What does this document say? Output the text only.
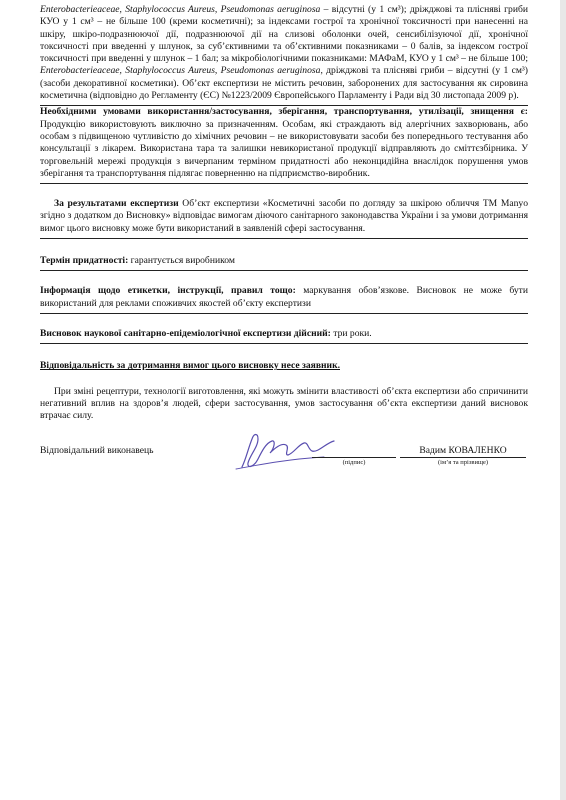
Enterobacterieaceae, Staphylococcus Aureus, Pseudomonas aeruginosa – відсутні (у 1 см³); дріжджові та плісняві гриби КУО у 1 см³ – не більше 100 (креми косметичні); за індексами гострої та хронічної токсичності при нанесенні на шкіру, шкіро-подразнюючої дії, подразнюючої дії на слизові оболонки очей, сенсибілізуючої дії, хронічної токсичності при введенні у шлунок, за суб’єктивними та об’єктивними показниками – 0 балів, за індексом гострої токсичності при введенні у шлунок – 1 бал; за мікробіологічними показниками: МАФаМ, КУО у 1 см³ – не більше 100; Enterobacterieaceae, Staphylococcus Aureus, Pseudomonas aeruginosa, дріжджові та плісняві гриби – відсутні (у 1 см³) (засоби декоративної косметики). Об’єкт експертизи не містить речовин, заборонених для застосування як сировина косметична (відповідно до Регламенту (ЄС) №1223/2009 Європейського Парламенту і Ради від 30 листопада 2009 р).

Необхідними умовами використання/застосування, зберігання, транспортування, утилізації, знищення є: Продукцію використовують виключно за призначенням. Особам, які страждають від алергічних захворювань, або особам з підвищеною чутливістю до хімічних речовин – не використовувати засоби без попереднього тестування або консультації з лікарем. Використана тара та залишки невикористаної продукції відправляють до сміттєзбірника. У торговельній мережі продукція з вичерпаним терміном придатності або неконцидійна внаслідок порушення умов зберігання та транспортування підлягає поверненню на підприємство-виробник.

За результатами експертизи Об’єкт експертизи «Косметичні засоби по догляду за шкірою обличчя ТМ Manyo згідно з додатком до Висновку» відповідає вимогам діючого санітарного законодавства України і за умови дотримання вимог цього висновку може бути використаний в заявленій сфері застосування.

Термін придатності: гарантується виробником

Інформація щодо етикетки, інструкції, правил тощо: маркування обов’язкове. Висновок не може бути використаний для реклами споживчих якостей об’єкту експертизи

Висновок наукової санітарно-епідеміологічної експертизи дійсний: три роки.

Відповідальність за дотримання вимог цього висновку несе заявник.

При зміні рецептури, технології виготовлення, які можуть змінити властивості об’єкта експертизи або спричинити негативний вплив на здоров’я людей, сфери застосування, умов застосування об’єкта експертизи даний висновок втрачає силу.

Відповідальний виконавець	Вадим КОВАЛЕНКО
(підпис)	(ім’я та прізвище)
